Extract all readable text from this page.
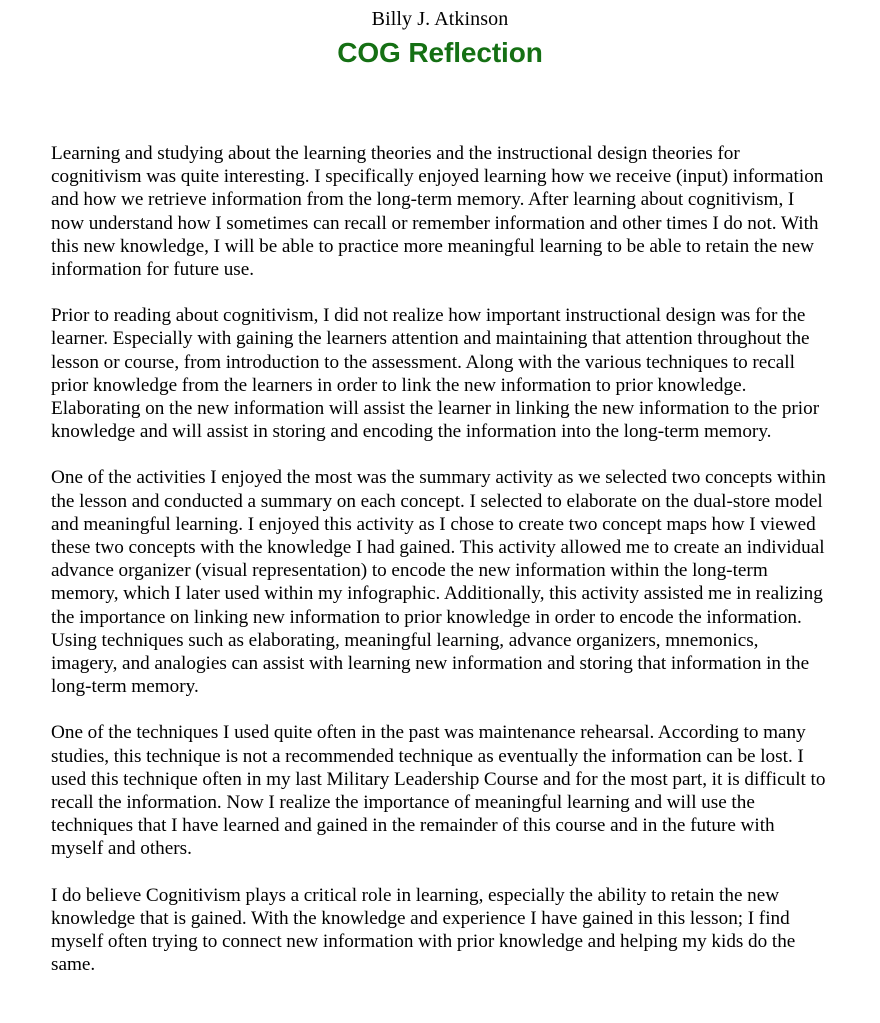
Billy J. Atkinson
COG Reflection

Learning and studying about the learning theories and the instructional design theories for cognitivism was quite interesting. I specifically enjoyed learning how we receive (input) information and how we retrieve information from the long-term memory. After learning about cognitivism, I now understand how I sometimes can recall or remember information and other times I do not. With this new knowledge, I will be able to practice more meaningful learning to be able to retain the new information for future use.

Prior to reading about cognitivism, I did not realize how important instructional design was for the learner. Especially with gaining the learners attention and maintaining that attention throughout the lesson or course, from introduction to the assessment. Along with the various techniques to recall prior knowledge from the learners in order to link the new information to prior knowledge. Elaborating on the new information will assist the learner in linking the new information to the prior knowledge and will assist in storing and encoding the information into the long-term memory.

One of the activities I enjoyed the most was the summary activity as we selected two concepts within the lesson and conducted a summary on each concept. I selected to elaborate on the dual-store model and meaningful learning. I enjoyed this activity as I chose to create two concept maps how I viewed these two concepts with the knowledge I had gained. This activity allowed me to create an individual advance organizer (visual representation) to encode the new information within the long-term memory, which I later used within my infographic. Additionally, this activity assisted me in realizing the importance on linking new information to prior knowledge in order to encode the information. Using techniques such as elaborating, meaningful learning, advance organizers, mnemonics, imagery, and analogies can assist with learning new information and storing that information in the long-term memory.

One of the techniques I used quite often in the past was maintenance rehearsal. According to many studies, this technique is not a recommended technique as eventually the information can be lost. I used this technique often in my last Military Leadership Course and for the most part, it is difficult to recall the information. Now I realize the importance of meaningful learning and will use the techniques that I have learned and gained in the remainder of this course and in the future with myself and others.

I do believe Cognitivism plays a critical role in learning, especially the ability to retain the new knowledge that is gained. With the knowledge and experience I have gained in this lesson; I find myself often trying to connect new information with prior knowledge and helping my kids do the same.
